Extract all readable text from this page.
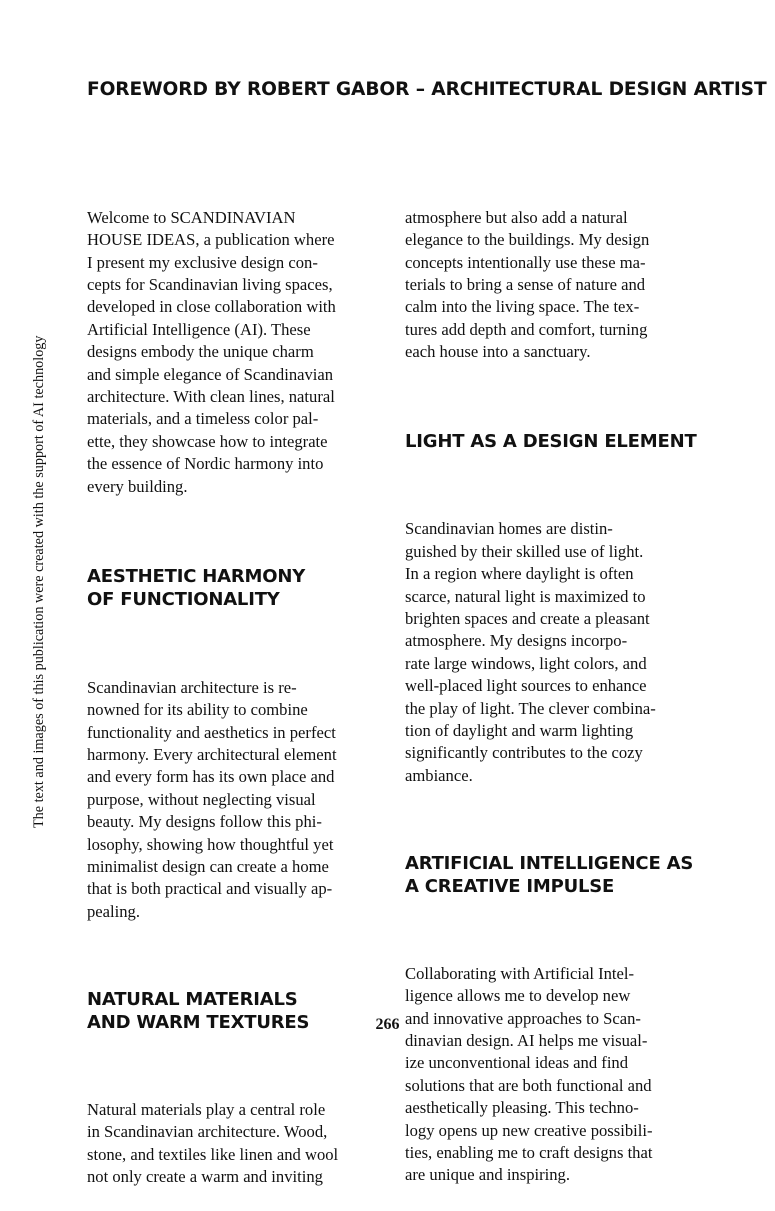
FOREWORD BY ROBERT GABOR – ARCHITECTURAL DESIGN ARTIST
The text and images of this publication were created with the support of AI technology

Welcome to SCANDINAVIAN
HOUSE IDEAS, a publication where
I present my exclusive design con-
cepts for Scandinavian living spaces,
developed in close collaboration with
Artificial Intelligence (AI). These
designs embody the unique charm
and simple elegance of Scandinavian
architecture. With clean lines, natural
materials, and a timeless color pal-
ette, they showcase how to integrate
the essence of Nordic harmony into
every building.

AESTHETIC HARMONY
OF FUNCTIONALITY

Scandinavian architecture is re-
nowned for its ability to combine
functionality and aesthetics in perfect
harmony. Every architectural element
and every form has its own place and
purpose, without neglecting visual
beauty. My designs follow this phi-
losophy, showing how thoughtful yet
minimalist design can create a home
that is both practical and visually ap-
pealing.

NATURAL MATERIALS
AND WARM TEXTURES

Natural materials play a central role
in Scandinavian architecture. Wood,
stone, and textiles like linen and wool
not only create a warm and inviting

atmosphere but also add a natural
elegance to the buildings. My design
concepts intentionally use these ma-
terials to bring a sense of nature and
calm into the living space. The tex-
tures add depth and comfort, turning
each house into a sanctuary.

LIGHT AS A DESIGN ELEMENT

Scandinavian homes are distin-
guished by their skilled use of light.
In a region where daylight is often
scarce, natural light is maximized to
brighten spaces and create a pleasant
atmosphere. My designs incorpo-
rate large windows, light colors, and
well-placed light sources to enhance
the play of light. The clever combina-
tion of daylight and warm lighting
significantly contributes to the cozy
ambiance.

ARTIFICIAL INTELLIGENCE AS
A CREATIVE IMPULSE

Collaborating with Artificial Intel-
ligence allows me to develop new
and innovative approaches to Scan-
dinavian design. AI helps me visual-
ize unconventional ideas and find
solutions that are both functional and
aesthetically pleasing. This techno-
logy opens up new creative possibili-
ties, enabling me to craft designs that
are unique and inspiring.

266
